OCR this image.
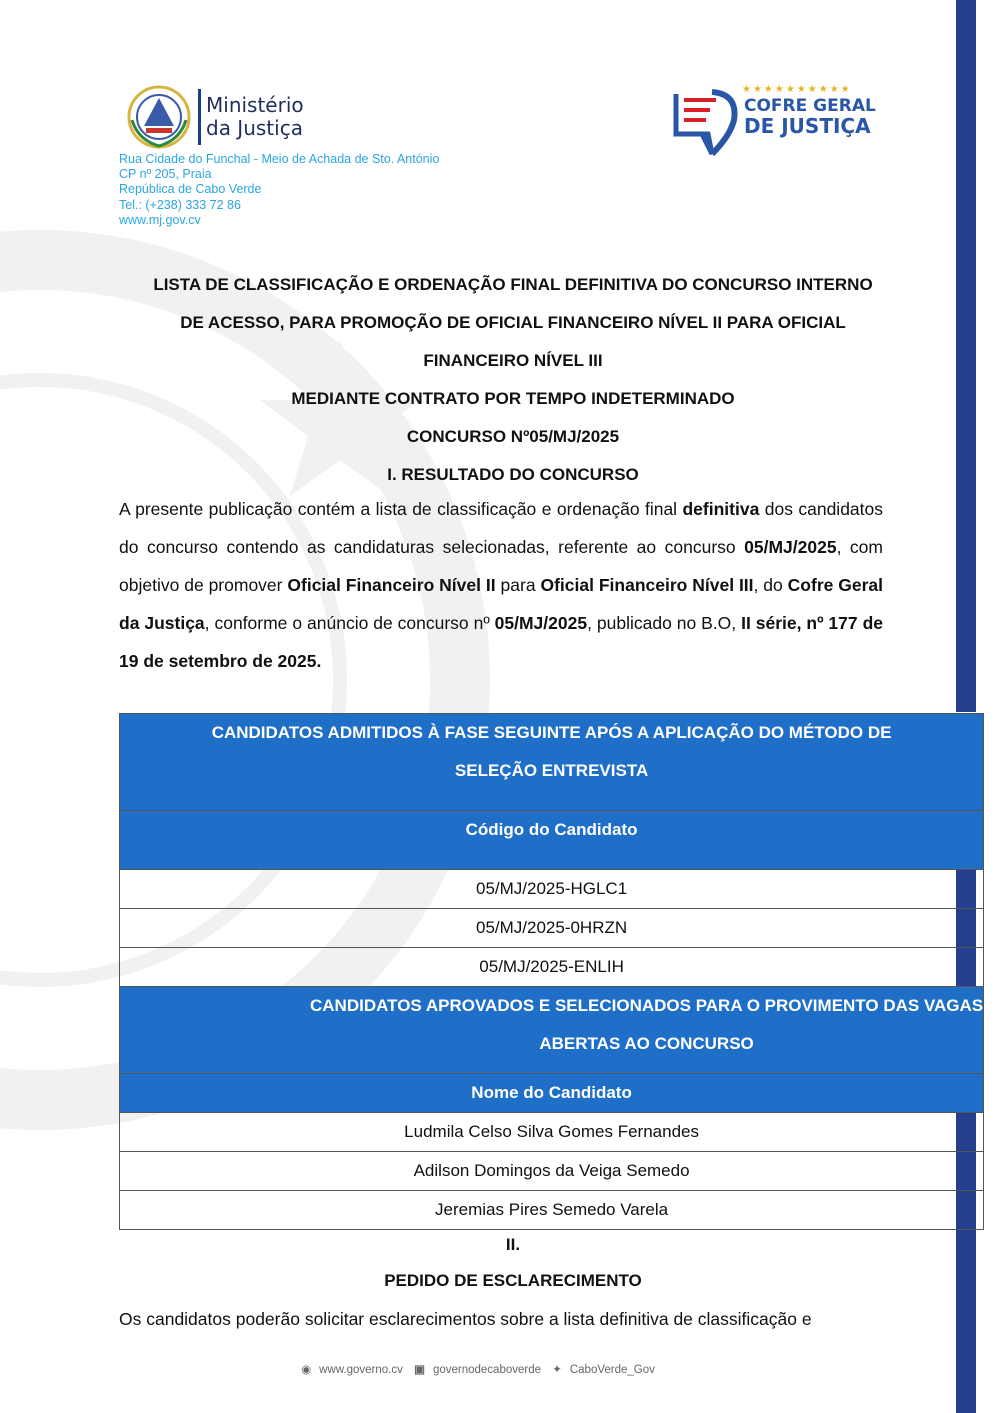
Ministério
da Justiça
Rua Cidade do Funchal - Meio de Achada de Sto. António
CP nº 205, Praia
República de Cabo Verde
Tel.: (+238) 333 72 86
www.mj.gov.cv
★★★★★★★★★★
COFRE GERAL
DE JUSTIÇA
LISTA DE CLASSIFICAÇÃO E ORDENAÇÃO FINAL DEFINITIVA DO CONCURSO INTERNO
DE ACESSO, PARA PROMOÇÃO DE OFICIAL FINANCEIRO NÍVEL II PARA OFICIAL
FINANCEIRO NÍVEL III
MEDIANTE CONTRATO POR TEMPO INDETERMINADO
CONCURSO Nº05/MJ/2025
I. RESULTADO DO CONCURSO
A presente publicação contém a lista de classificação e ordenação final definitiva dos candidatos do concurso contendo as candidaturas selecionadas, referente ao concurso 05/MJ/2025, com objetivo de promover Oficial Financeiro Nível II para Oficial Financeiro Nível III, do Cofre Geral da Justiça, conforme o anúncio de concurso nº 05/MJ/2025, publicado no B.O, II série, nº 177 de 19 de setembro de 2025.
CANDIDATOS ADMITIDOS À FASE SEGUINTE APÓS A APLICAÇÃO DO MÉTODO DE
SELEÇÃO ENTREVISTA

Código do Candidato
05/MJ/2025-HGLC1
05/MJ/2025-0HRZN
05/MJ/2025-ENLIH

CANDIDATOS APROVADOS E SELECIONADOS PARA O PROVIMENTO DAS VAGAS
ABERTAS AO CONCURSO

Nome do Candidato
Ludmila Celso Silva Gomes Fernandes
Adilson Domingos da Veiga Semedo
Jeremias Pires Semedo Varela
II.
PEDIDO DE ESCLARECIMENTO
Os candidatos poderão solicitar esclarecimentos sobre a lista definitiva de classificação e
◉ www.governo.cv ▣ governodecaboverde ✦ CaboVerde_Gov
